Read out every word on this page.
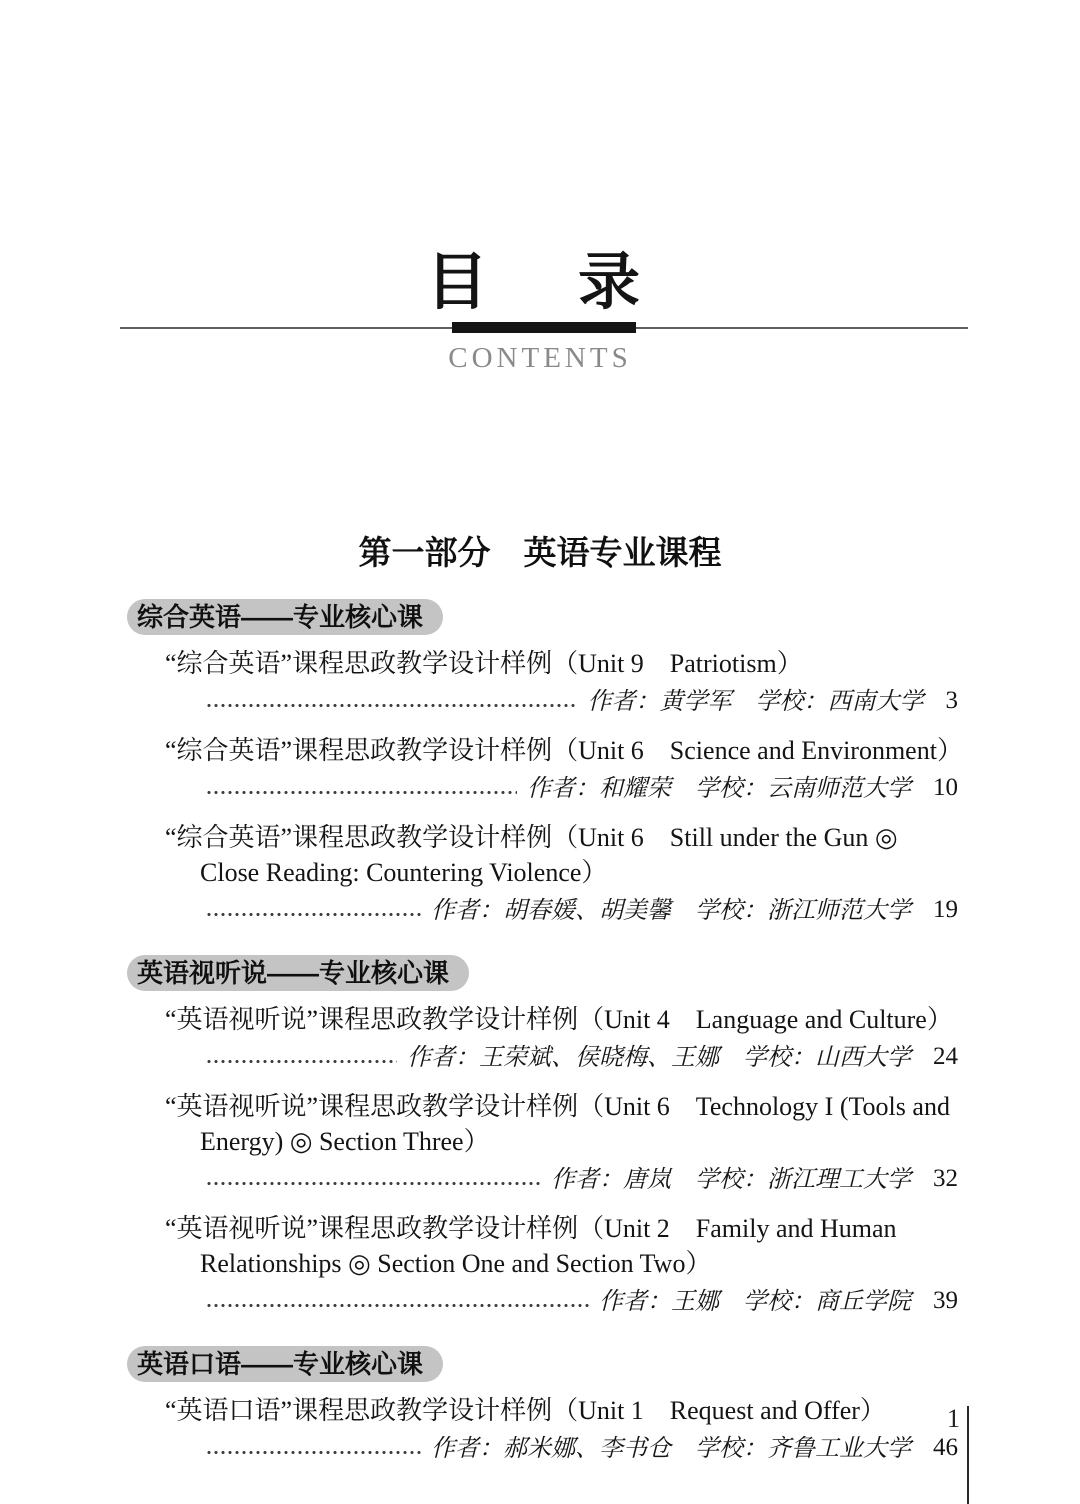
目　录
CONTENTS
第一部分　英语专业课程
综合英语——专业核心课
“综合英语”课程思政教学设计样例（Unit 9　Patriotism）
作者：黄学军　学校：西南大学 3
“综合英语”课程思政教学设计样例（Unit 6　Science and Environment）
作者：和耀荣　学校：云南师范大学 10
“综合英语”课程思政教学设计样例（Unit 6　Still under the Gun ◎ Close Reading: Countering Violence）
作者：胡春媛、胡美馨　学校：浙江师范大学 19
英语视听说——专业核心课
“英语视听说”课程思政教学设计样例（Unit 4　Language and Culture）
作者：王荣斌、侯晓梅、王娜　学校：山西大学 24
“英语视听说”课程思政教学设计样例（Unit 6　Technology I (Tools and Energy) ◎ Section Three）
作者：唐岚　学校：浙江理工大学 32
“英语视听说”课程思政教学设计样例（Unit 2　Family and Human Relationships ◎ Section One and Section Two）
作者：王娜　学校：商丘学院 39
英语口语——专业核心课
“英语口语”课程思政教学设计样例（Unit 1　Request and Offer）
作者：郝米娜、李书仓　学校：齐鲁工业大学 46
1
